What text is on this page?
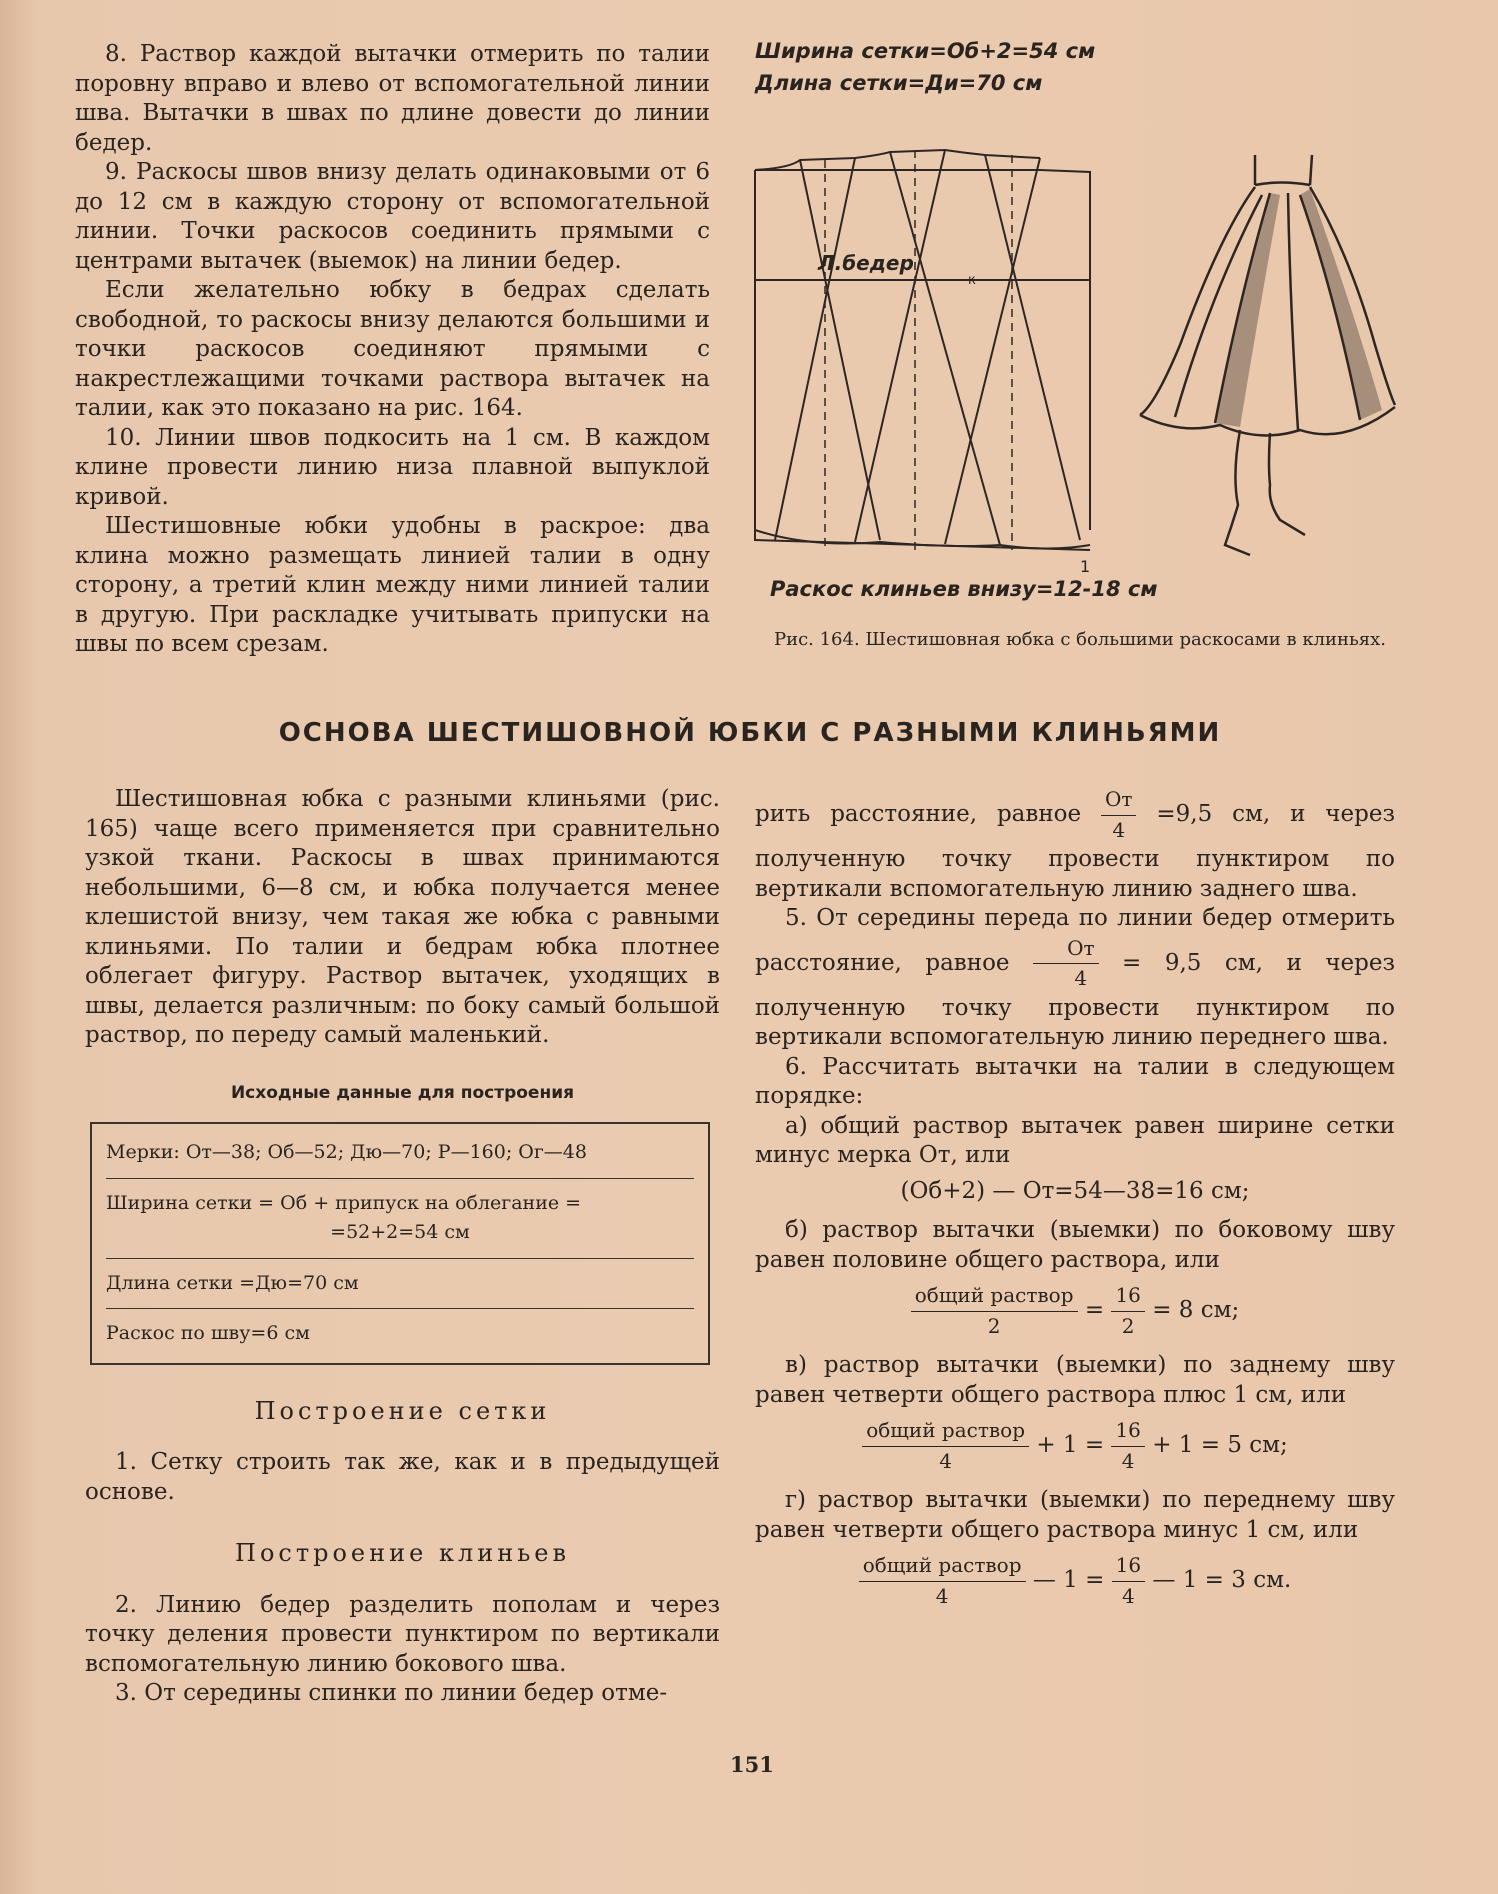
8. Раствор каждой вытачки отмерить по талии поровну вправо и влево от вспомогательной линии шва. Вытачки в швах по длине довести до линии бедер.

9. Раскосы швов внизу делать одинаковыми от 6 до 12 см в каждую сторону от вспомогательной линии. Точки раскосов соединить прямыми с центрами вытачек (выемок) на линии бедер.

Если желательно юбку в бедрах сделать свободной, то раскосы внизу делаются большими и точки раскосов соединяют прямыми с накрестлежащими точками раствора вытачек на талии, как это показано на рис. 164.

10. Линии швов подкосить на 1 см. В каждом клине провести линию низа плавной выпуклой кривой.

Шестишовные юбки удобны в раскрое: два клина можно размещать линией талии в одну сторону, а третий клин между ними линией талии в другую. При раскладке учитывать припуски на швы по всем срезам.

Ширина сетки=Об+2=54 см
Длина сетки=Ди=70 см
Л.бедер
к
1
Раскос клиньев внизу=12-18 см
Рис. 164. Шестишовная юбка с большими раскосами в клиньях.
ОСНОВА ШЕСТИШОВНОЙ ЮБКИ С РАЗНЫМИ КЛИНЬЯМИ

Шестишовная юбка с разными клиньями (рис. 165) чаще всего применяется при сравнительно узкой ткани. Раскосы в швах принимаются небольшими, 6—8 см, и юбка получается менее клешистой внизу, чем такая же юбка с равными клиньями. По талии и бедрам юбка плотнее облегает фигуру. Раствор вытачек, уходящих в швы, делается различным: по боку самый большой раствор, по переду самый маленький.

Исходные данные для построения
Мерки: От—38; Об—52; Дю—70; Р—160; Ог—48
Ширина сетки = Об + припуск на облегание =
=52+2=54 см
Длина сетки =Дю=70 см
Раскос по шву=6 см
Построение сетки

1. Сетку строить так же, как и в предыдущей основе.

Построение клиньев

2. Линию бедер разделить пополам и через точку деления провести пунктиром по вертикали вспомогательную линию бокового шва.

3. От середины спинки по линии бедер отме-

рить расстояние, равное $\frac{От}{4} =9,5$ см, и через полученную точку провести пунктиром по вертикали вспомогательную линию заднего шва.

5. От середины переда по линии бедер отмерить расстояние, равное $\frac{От}{4} = 9,5$ см, и через полученную точку провести пунктиром по вертикали вспомогательную линию переднего шва.

6. Рассчитать вытачки на талии в следующем порядке:

а) общий раствор вытачек равен ширине сетки минус мерка От, или

(Об+2) — От=54—38=16 см;

б) раствор вытачки (выемки) по боковому шву равен половине общего раствора, или

$\frac{\text{общий раствор}}{2} = \frac{16}{2} = 8$ см;

в) раствор вытачки (выемки) по заднему шву равен четверти общего раствора плюс 1 см, или

$\frac{\text{общий раствор}}{4} + 1 = \frac{16}{4} + 1 = 5$ см;

г) раствор вытачки (выемки) по переднему шву равен четверти общего раствора минус 1 см, или

$\frac{\text{общий раствор}}{4}$ — $1 = \frac{16}{4}$ — 1 = 3 см.
151
